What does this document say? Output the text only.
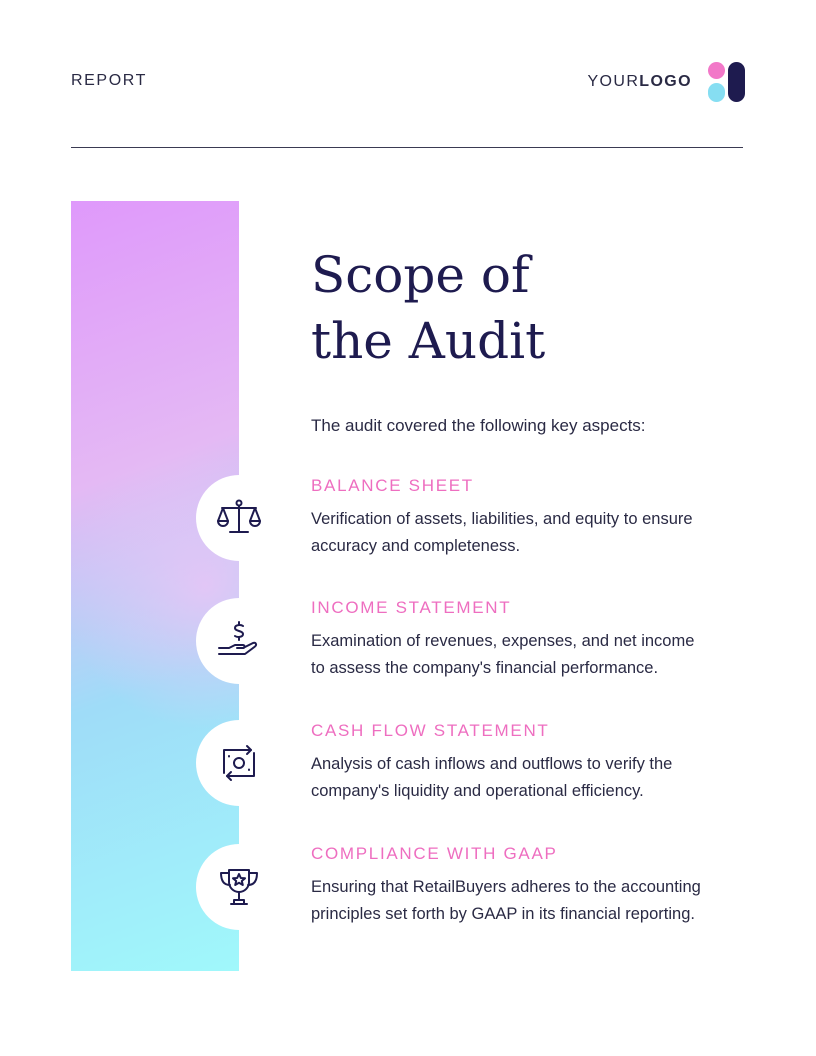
REPORT	YOURLOGO
Scope of
the Audit
The audit covered the following key aspects:
BALANCE SHEET

Verification of assets, liabilities, and equity to ensure
accuracy and completeness.

INCOME STATEMENT

Examination of revenues, expenses, and net income
to assess the company's financial performance.

CASH FLOW STATEMENT

Analysis of cash inflows and outflows to verify the
company's liquidity and operational efficiency.

COMPLIANCE WITH GAAP

Ensuring that RetailBuyers adheres to the accounting
principles set forth by GAAP in its financial reporting.
